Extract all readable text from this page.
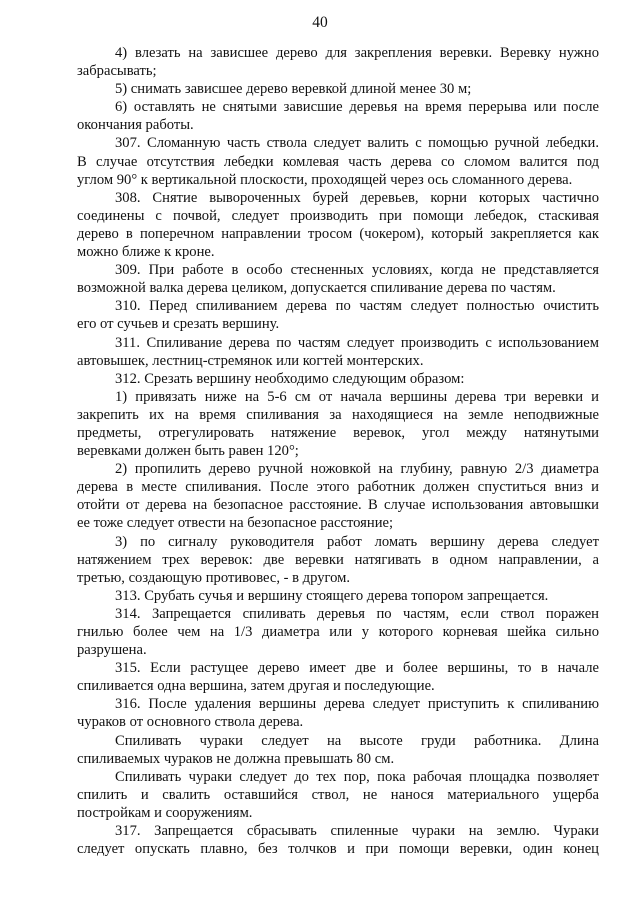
40
4) влезать на зависшее дерево для закрепления веревки. Веревку нужно
забрасывать;
5) снимать зависшее дерево веревкой длиной менее 30 м;
6) оставлять не снятыми зависшие деревья на время перерыва или после
окончания работы.
307. Сломанную часть ствола следует валить с помощью ручной лебедки.
В случае отсутствия лебедки комлевая часть дерева со сломом валится под
углом 90° к вертикальной плоскости, проходящей через ось сломанного дерева.
308. Снятие вывороченных бурей деревьев, корни которых частично
соединены с почвой, следует производить при помощи лебедок, стаскивая
дерево в поперечном направлении тросом (чокером), который закрепляется как
можно ближе к кроне.
309. При работе в особо стесненных условиях, когда не представляется
возможной валка дерева целиком, допускается спиливание дерева по частям.
310. Перед спиливанием дерева по частям следует полностью очистить
его от сучьев и срезать вершину.
311. Спиливание дерева по частям следует производить с использованием
автовышек, лестниц-стремянок или когтей монтерских.
312. Срезать вершину необходимо следующим образом:
1) привязать ниже на 5-6 см от начала вершины дерева три веревки и
закрепить их на время спиливания за находящиеся на земле неподвижные
предметы, отрегулировать натяжение веревок, угол между натянутыми
веревками должен быть равен 120°;
2) пропилить дерево ручной ножовкой на глубину, равную 2/3 диаметра
дерева в месте спиливания. После этого работник должен спуститься вниз и
отойти от дерева на безопасное расстояние. В случае использования автовышки
ее тоже следует отвести на безопасное расстояние;
3) по сигналу руководителя работ ломать вершину дерева следует
натяжением трех веревок: две веревки натягивать в одном направлении, а
третью, создающую противовес, - в другом.
313. Срубать сучья и вершину стоящего дерева топором запрещается.
314. Запрещается спиливать деревья по частям, если ствол поражен
гнилью более чем на 1/3 диаметра или у которого корневая шейка сильно
разрушена.
315. Если растущее дерево имеет две и более вершины, то в начале
спиливается одна вершина, затем другая и последующие.
316. После удаления вершины дерева следует приступить к спиливанию
чураков от основного ствола дерева.
Спиливать чураки следует на высоте груди работника. Длина
спиливаемых чураков не должна превышать 80 см.
Спиливать чураки следует до тех пор, пока рабочая площадка позволяет
спилить и свалить оставшийся ствол, не нанося материального ущерба
постройкам и сооружениям.
317. Запрещается сбрасывать спиленные чураки на землю. Чураки
следует опускать плавно, без толчков и при помощи веревки, один конец
